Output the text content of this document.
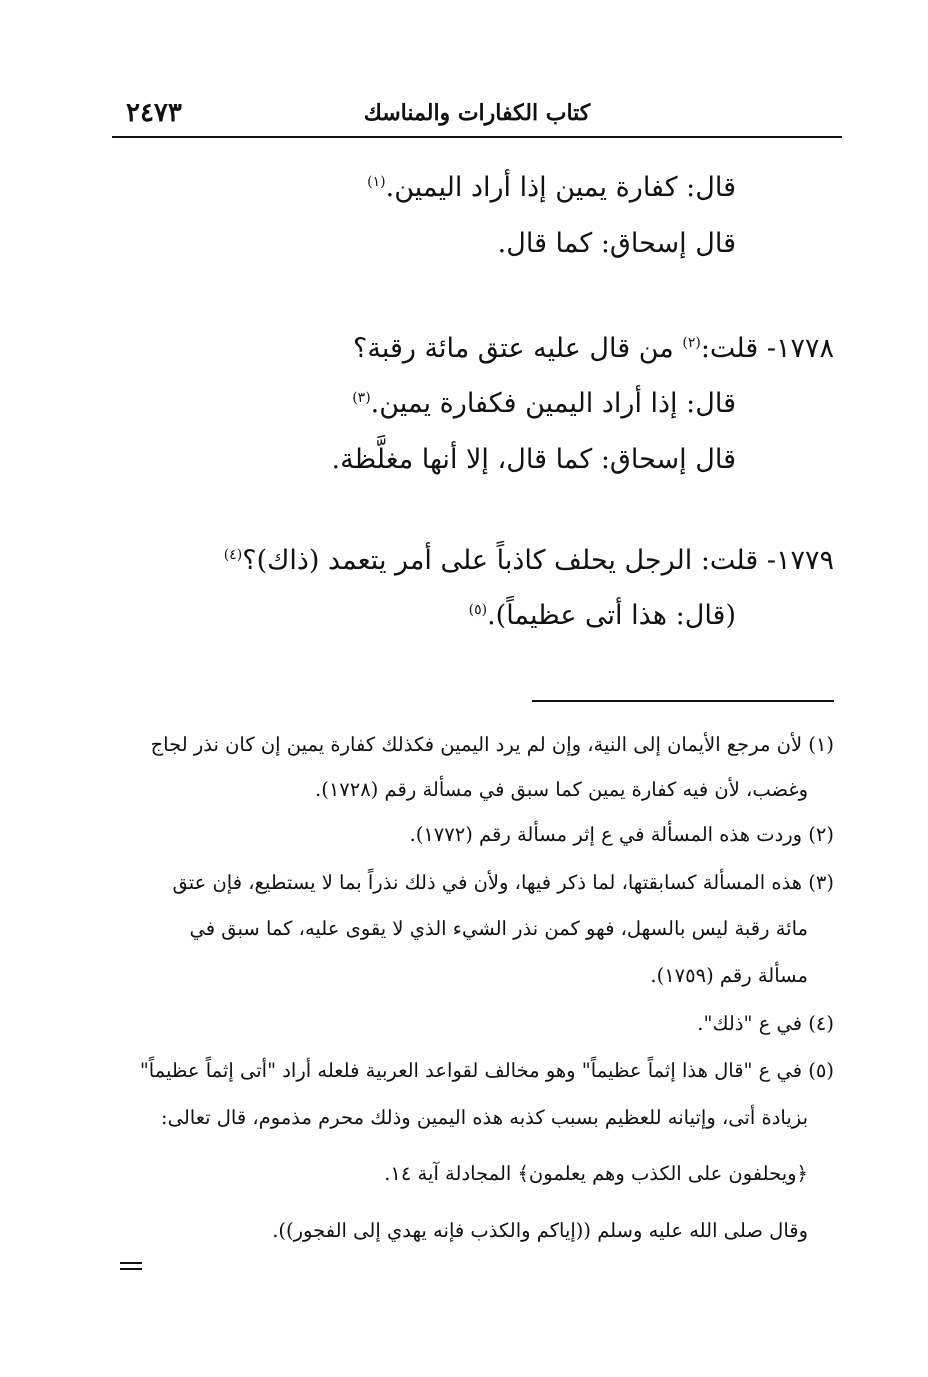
٢٤٧٣	كتاب الكفارات والمناسك
قال: كفارة يمين إذا أراد اليمين.$^{(١)}$
قال إسحاق: كما قال.
١٧٧٨- قلت:$^{(٢)}$ من قال عليه عتق مائة رقبة؟
قال: إذا أراد اليمين فكفارة يمين.$^{(٣)}$
قال إسحاق: كما قال، إلا أنها مغلَّظة.
١٧٧٩- قلت: الرجل يحلف كاذباً على أمر يتعمد (ذاك)؟$^{(٤)}$
(قال: هذا أتى عظيماً).$^{(٥)}$
(١) لأن مرجع الأيمان إلى النية، وإن لم يرد اليمين فكذلك كفارة يمين إن كان نذر لجاج
وغضب، لأن فيه كفارة يمين كما سبق في مسألة رقم (١٧٢٨).
(٢) وردت هذه المسألة في ع إثر مسألة رقم (١٧٧٢).
(٣) هذه المسألة كسابقتها، لما ذكر فيها، ولأن في ذلك نذراً بما لا يستطيع، فإن عتق
مائة رقبة ليس بالسهل، فهو كمن نذر الشيء الذي لا يقوى عليه، كما سبق في
مسألة رقم (١٧٥٩).
(٤) في ع "ذلك".
(٥) في ع "قال هذا إثماً عظيماً" وهو مخالف لقواعد العربية فلعله أراد "أتى إثماً عظيماً"
بزيادة أتى، وإتيانه للعظيم بسبب كذبه هذه اليمين وذلك محرم مذموم، قال تعالى:
﴿ويحلفون على الكذب وهم يعلمون﴾ المجادلة آية ١٤.
وقال صلى الله عليه وسلم ((إياكم والكذب فإنه يهدي إلى الفجور)).
